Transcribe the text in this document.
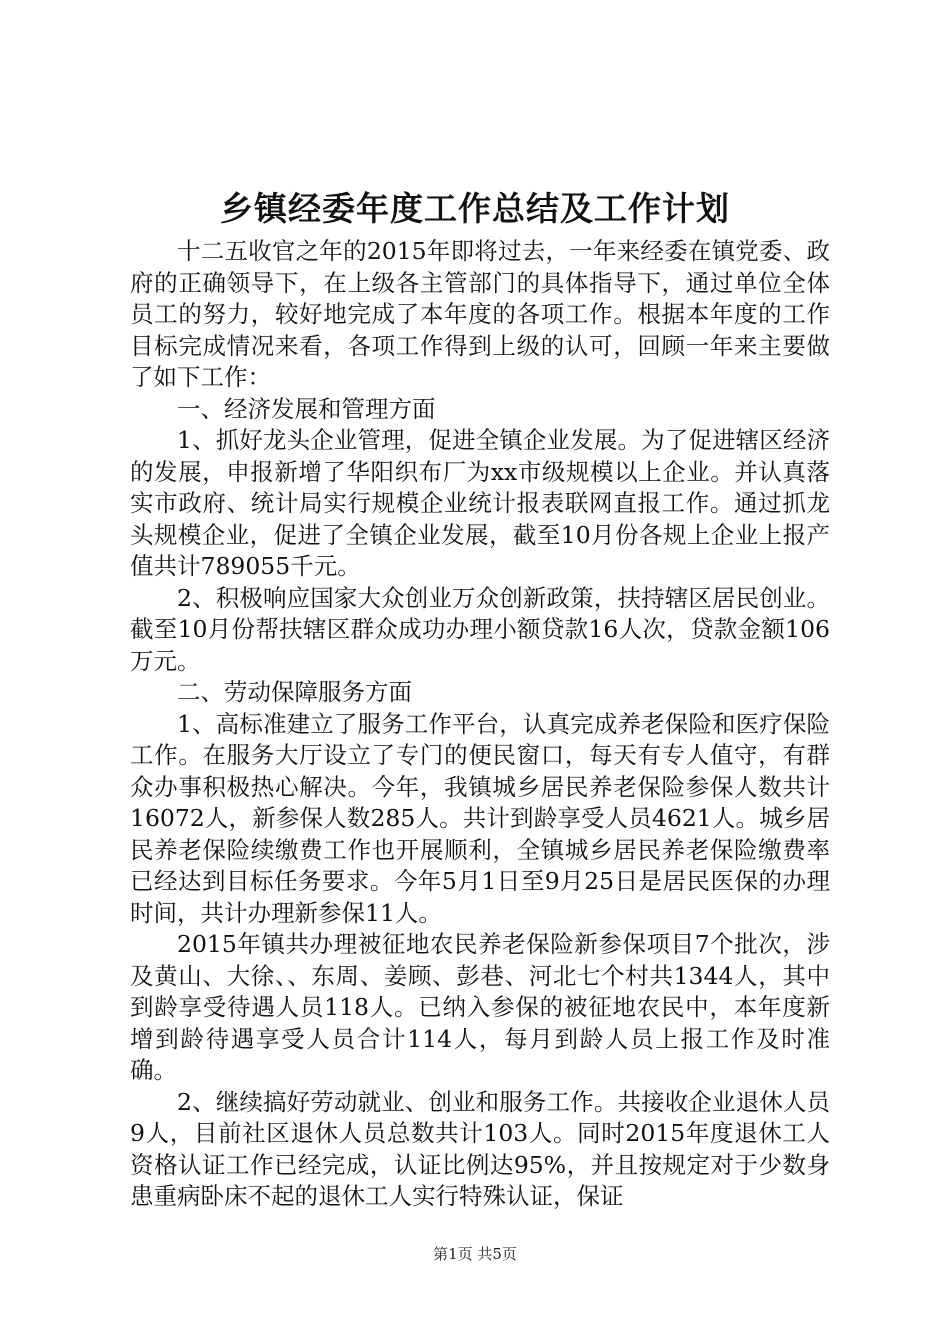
乡镇经委年度工作总结及工作计划

十二五收官之年的2015年即将过去，一年来经委在镇党委、政府的正确领导下，在上级各主管部门的具体指导下，通过单位全体员工的努力，较好地完成了本年度的各项工作。根据本年度的工作目标完成情况来看，各项工作得到上级的认可，回顾一年来主要做了如下工作：

一、经济发展和管理方面

1、抓好龙头企业管理，促进全镇企业发展。为了促进辖区经济的发展，申报新增了华阳织布厂为xx市级规模以上企业。并认真落实市政府、统计局实行规模企业统计报表联网直报工作。通过抓龙头规模企业，促进了全镇企业发展，截至10月份各规上企业上报产值共计789055千元。

2、积极响应国家大众创业万众创新政策，扶持辖区居民创业。截至10月份帮扶辖区群众成功办理小额贷款16人次，贷款金额106万元。

二、劳动保障服务方面

1、高标准建立了服务工作平台，认真完成养老保险和医疗保险工作。在服务大厅设立了专门的便民窗口，每天有专人值守，有群众办事积极热心解决。今年，我镇城乡居民养老保险参保人数共计16072人，新参保人数285人。共计到龄享受人员4621人。城乡居民养老保险续缴费工作也开展顺利，全镇城乡居民养老保险缴费率已经达到目标任务要求。今年5月1日至9月25日是居民医保的办理时间，共计办理新参保11人。

2015年镇共办理被征地农民养老保险新参保项目7个批次，涉及黄山、大徐、、东周、姜顾、彭巷、河北七个村共1344人，其中到龄享受待遇人员118人。已纳入参保的被征地农民中，本年度新增到龄待遇享受人员合计114人，每月到龄人员上报工作及时准确。

2、继续搞好劳动就业、创业和服务工作。共接收企业退休人员9人，目前社区退休人员总数共计103人。同时2015年度退休工人资格认证工作已经完成，认证比例达95%，并且按规定对于少数身患重病卧床不起的退休工人实行特殊认证，保证

第1页 共5页
